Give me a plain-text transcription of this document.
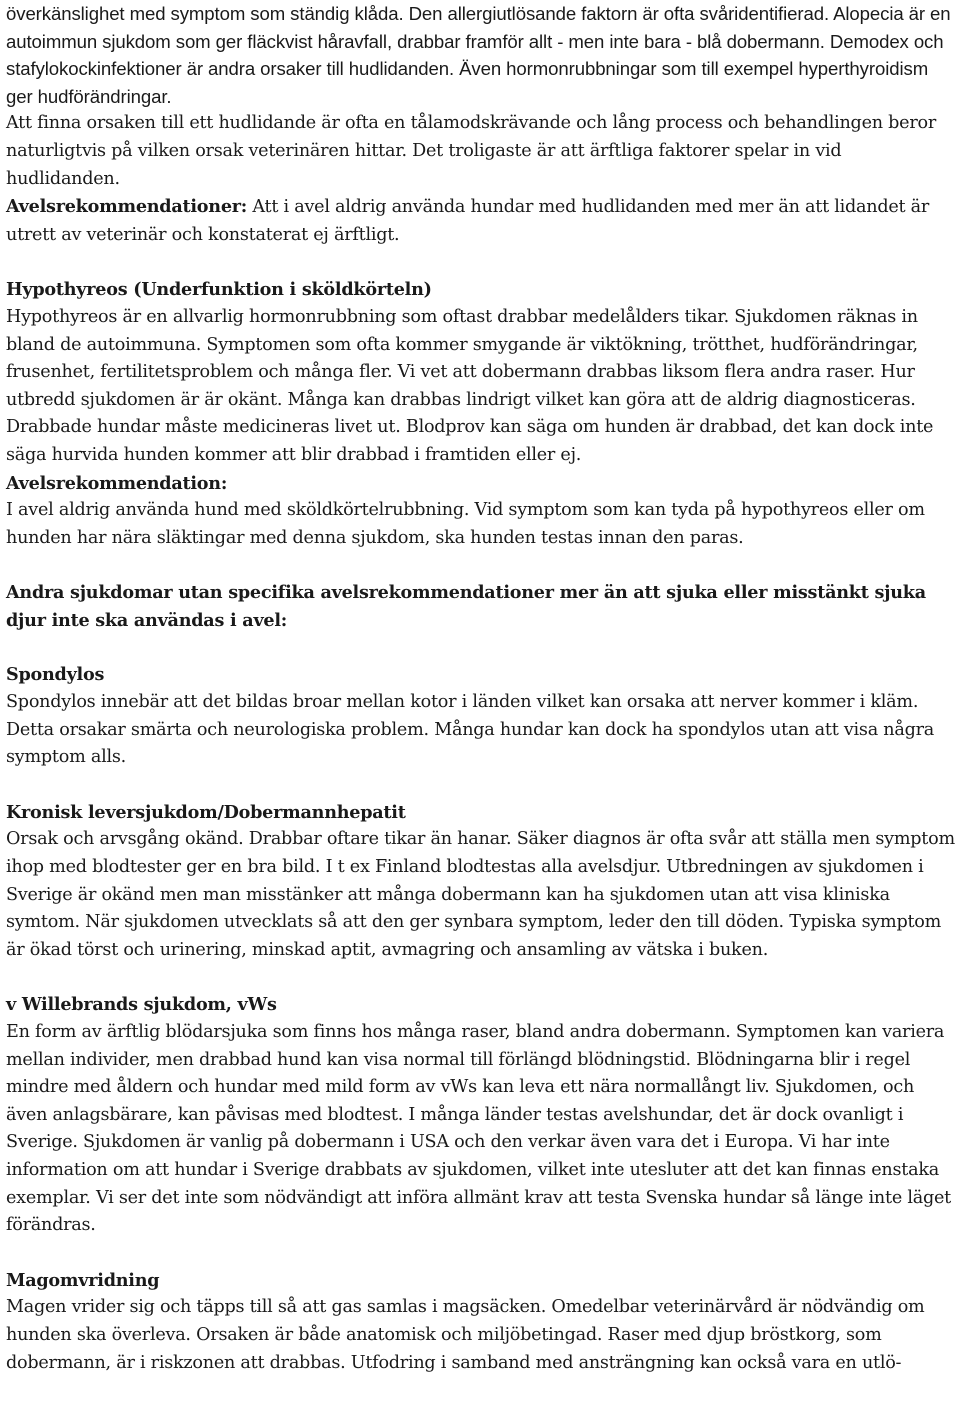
överkänslighet med symptom som ständig klåda. Den allergiutlösande faktorn är ofta svåridentifierad. Alopecia är en autoimmun sjukdom som ger fläckvist håravfall, drabbar framför allt - men inte bara - blå dobermann. Demodex och stafylokockinfektioner är andra orsaker till hudlidanden. Även hormonrubbningar som till exempel hyperthyroidism ger hudförändringar.

Att finna orsaken till ett hudlidande är ofta en tålamodskrävande och lång process och behandlingen beror naturligtvis på vilken orsak veterinären hittar. Det troligaste är att ärftliga faktorer spelar in vid hudlidanden.

Avelsrekommendationer: Att i avel aldrig använda hundar med hudlidanden med mer än att lidandet är utrett av veterinär och konstaterat ej ärftligt.

Hypothyreos (Underfunktion i sköldkörteln)

Hypothyreos är en allvarlig hormonrubbning som oftast drabbar medelålders tikar. Sjukdomen räknas in bland de autoimmuna. Symptomen som ofta kommer smygande är viktökning, trötthet, hudförändringar, frusenhet, fertilitetsproblem och många fler. Vi vet att dobermann drabbas liksom flera andra raser. Hur utbredd sjukdomen är är okänt. Många kan drabbas lindrigt vilket kan göra att de aldrig diagnosticeras. Drabbade hundar måste medicineras livet ut. Blodprov kan säga om hunden är drabbad, det kan dock inte säga hurvida hunden kommer att blir drabbad i framtiden eller ej.

Avelsrekommendation:

I avel aldrig använda hund med sköldkörtelrubbning. Vid symptom som kan tyda på hypothyreos eller om hunden har nära släktingar med denna sjukdom, ska hunden testas innan den paras.

Andra sjukdomar utan specifika avelsrekommendationer mer än att sjuka eller misstänkt sjuka djur inte ska användas i avel:

Spondylos

Spondylos innebär att det bildas broar mellan kotor i länden vilket kan orsaka att nerver kommer i kläm. Detta orsakar smärta och neurologiska problem. Många hundar kan dock ha spondylos utan att visa några symptom alls.

Kronisk leversjukdom/Dobermannhepatit

Orsak och arvsgång okänd. Drabbar oftare tikar än hanar. Säker diagnos är ofta svår att ställa men symptom ihop med blodtester ger en bra bild. I t ex Finland blodtestas alla avelsdjur. Utbredningen av sjukdomen i Sverige är okänd men man misstänker att många dobermann kan ha sjukdomen utan att visa kliniska symtom. När sjukdomen utvecklats så att den ger synbara symptom, leder den till döden. Typiska symptom är ökad törst och urinering, minskad aptit, avmagring och ansamling av vätska i buken.

v Willebrands sjukdom, vWs

En form av ärftlig blödarsjuka som finns hos många raser, bland andra dobermann. Symptomen kan variera mellan individer, men drabbad hund kan visa normal till förlängd blödningstid. Blödningarna blir i regel mindre med åldern och hundar med mild form av vWs kan leva ett nära normallångt liv. Sjukdomen, och även anlagsbärare, kan påvisas med blodtest. I många länder testas avelshundar, det är dock ovanligt i Sverige. Sjukdomen är vanlig på dobermann i USA och den verkar även vara det i Europa. Vi har inte information om att hundar i Sverige drabbats av sjukdomen, vilket inte utesluter att det kan finnas enstaka exemplar. Vi ser det inte som nödvändigt att införa allmänt krav att testa Svenska hundar så länge inte läget förändras.

Magomvridning

Magen vrider sig och täpps till så att gas samlas i magsäcken. Omedelbar veterinärvård är nödvändig om hunden ska överleva. Orsaken är både anatomisk och miljöbetingad. Raser med djup bröstkorg, som dobermann, är i riskzonen att drabbas. Utfodring i samband med ansträngning kan också vara en utlö-
